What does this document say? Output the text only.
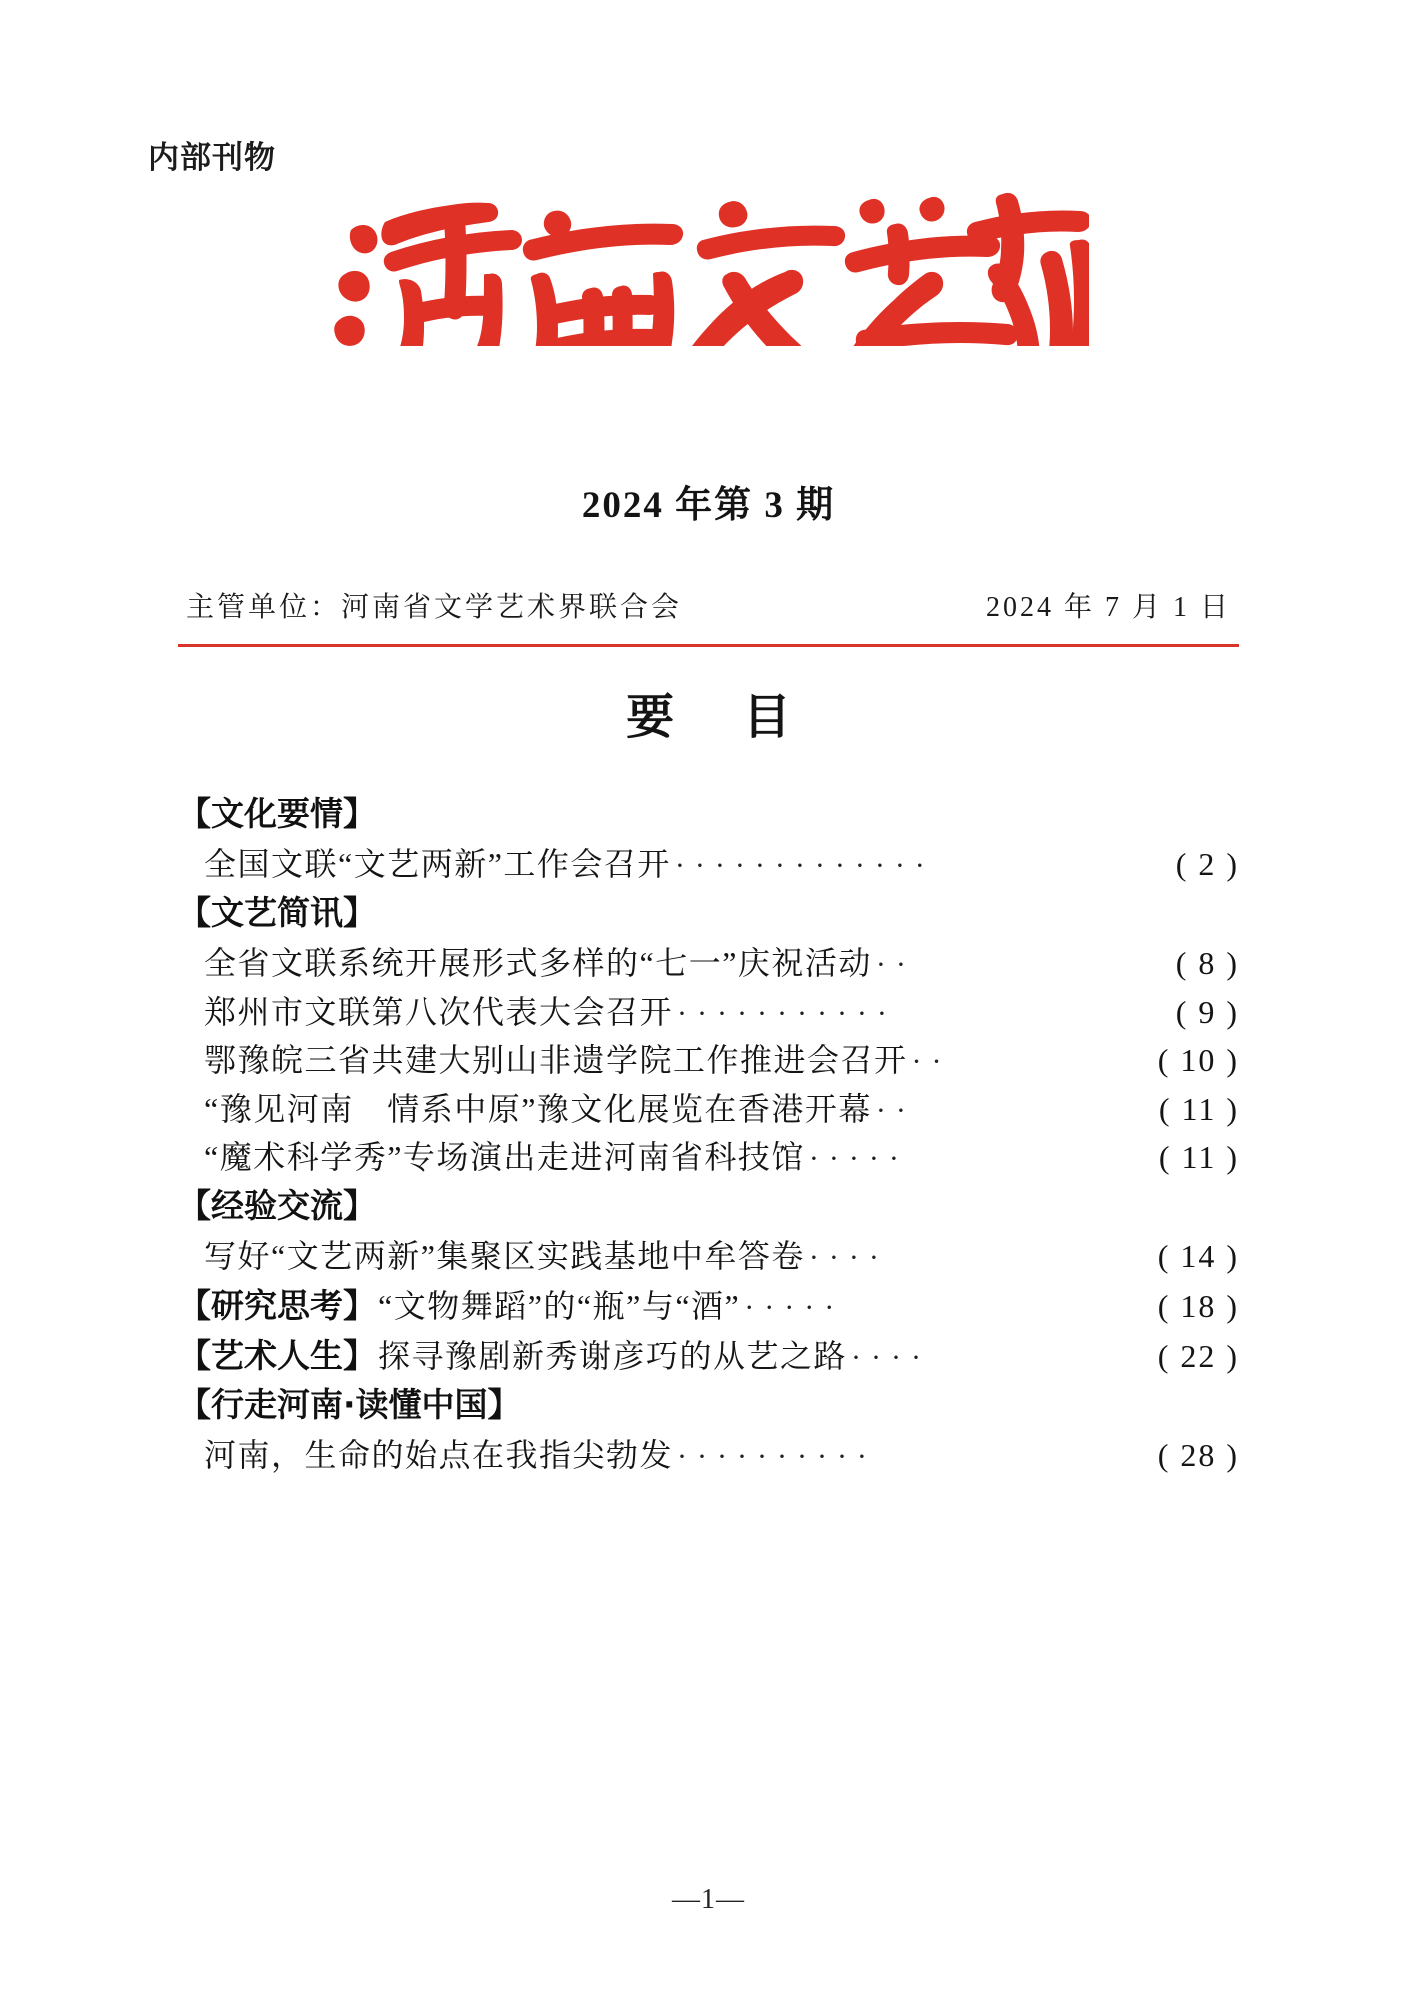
内部刊物
2024 年第 3 期
主管单位：河南省文学艺术界联合会	2024 年 7 月 1 日
要 目
【文化要情】
全国文联“文艺两新”工作会召开 ·············	( 2 )
【文艺简讯】
全省文联系统开展形式多样的“七一”庆祝活动 ··	( 8 )
郑州市文联第八次代表大会召开 ···········	( 9 )
鄂豫皖三省共建大别山非遗学院工作推进会召开 ··	( 10 )
“豫见河南　情系中原”豫文化展览在香港开幕 ··	( 11 )
“魔术科学秀”专场演出走进河南省科技馆 ·····	( 11 )
【经验交流】
写好“文艺两新”集聚区实践基地中牟答卷 ····	( 14 )
【研究思考】 “文物舞蹈”的“瓶”与“酒” ·····	( 18 )
【艺术人生】 探寻豫剧新秀谢彦巧的从艺之路 ····	( 22 )
【行走河南·读懂中国】
河南，生命的始点在我指尖勃发 ··········	( 28 )
—1—
